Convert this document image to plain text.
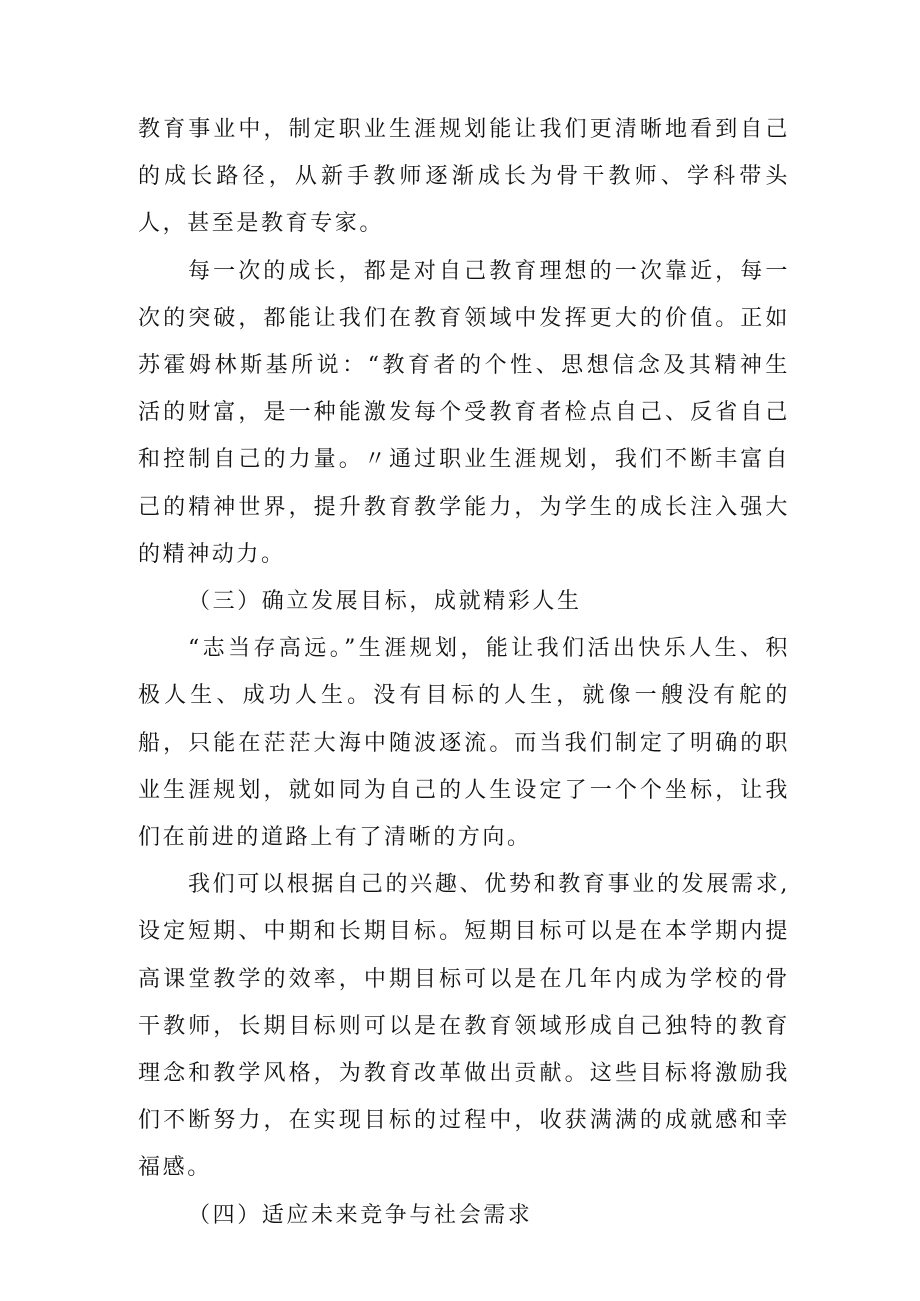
教育事业中，制定职业生涯规划能让我们更清晰地看到自己的成长路径，从新手教师逐渐成长为骨干教师、学科带头人，甚至是教育专家。

每一次的成长，都是对自己教育理想的一次靠近，每一次的突破，都能让我们在教育领域中发挥更大的价值。正如苏霍姆林斯基所说：“教育者的个性、思想信念及其精神生活的财富，是一种能激发每个受教育者检点自己、反省自己和控制自己的力量。〃通过职业生涯规划，我们不断丰富自己的精神世界，提升教育教学能力，为学生的成长注入强大的精神动力。

（三）确立发展目标，成就精彩人生

“志当存高远。”生涯规划，能让我们活出快乐人生、积极人生、成功人生。没有目标的人生，就像一艘没有舵的船，只能在茫茫大海中随波逐流。而当我们制定了明确的职业生涯规划，就如同为自己的人生设定了一个个坐标，让我们在前进的道路上有了清晰的方向。

我们可以根据自己的兴趣、优势和教育事业的发展需求,设定短期、中期和长期目标。短期目标可以是在本学期内提高课堂教学的效率，中期目标可以是在几年内成为学校的骨干教师，长期目标则可以是在教育领域形成自己独特的教育理念和教学风格，为教育改革做出贡献。这些目标将激励我们不断努力，在实现目标的过程中，收获满满的成就感和幸福感。

（四）适应未来竞争与社会需求
